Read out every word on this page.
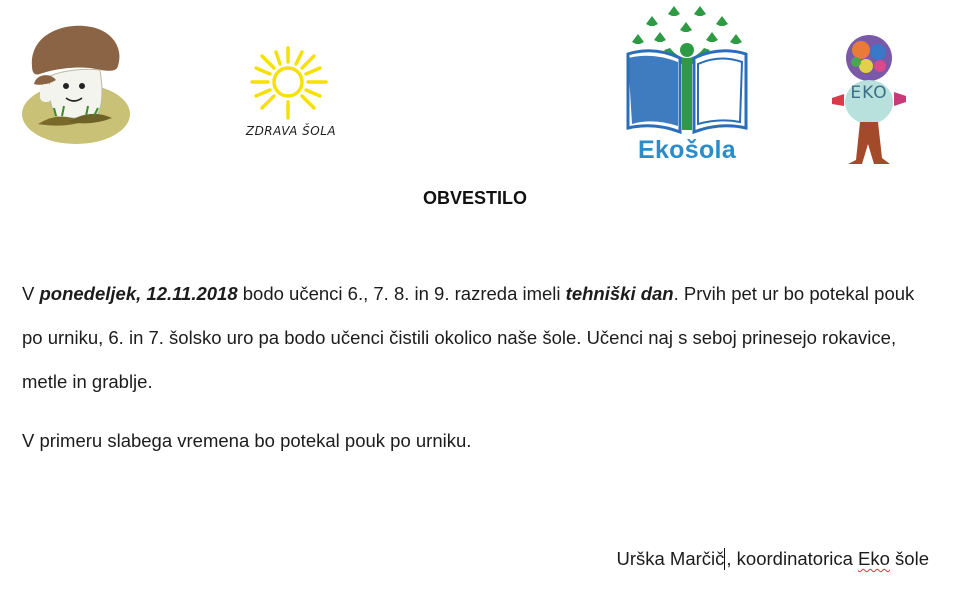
ZDRAVA ŠOLA
Ekošola
EKO
OBVESTILO
V ponedeljek, 12.11.2018 bodo učenci 6., 7. 8. in 9. razreda imeli tehniški dan. Prvih pet ur bo potekal pouk po urniku, 6. in 7. šolsko uro pa bodo učenci čistili okolico naše šole. Učenci naj s seboj prinesejo rokavice, metle in grablje.
V primeru slabega vremena bo potekal pouk po urniku.
Urška Marčič , koordinatorica Eko šole
